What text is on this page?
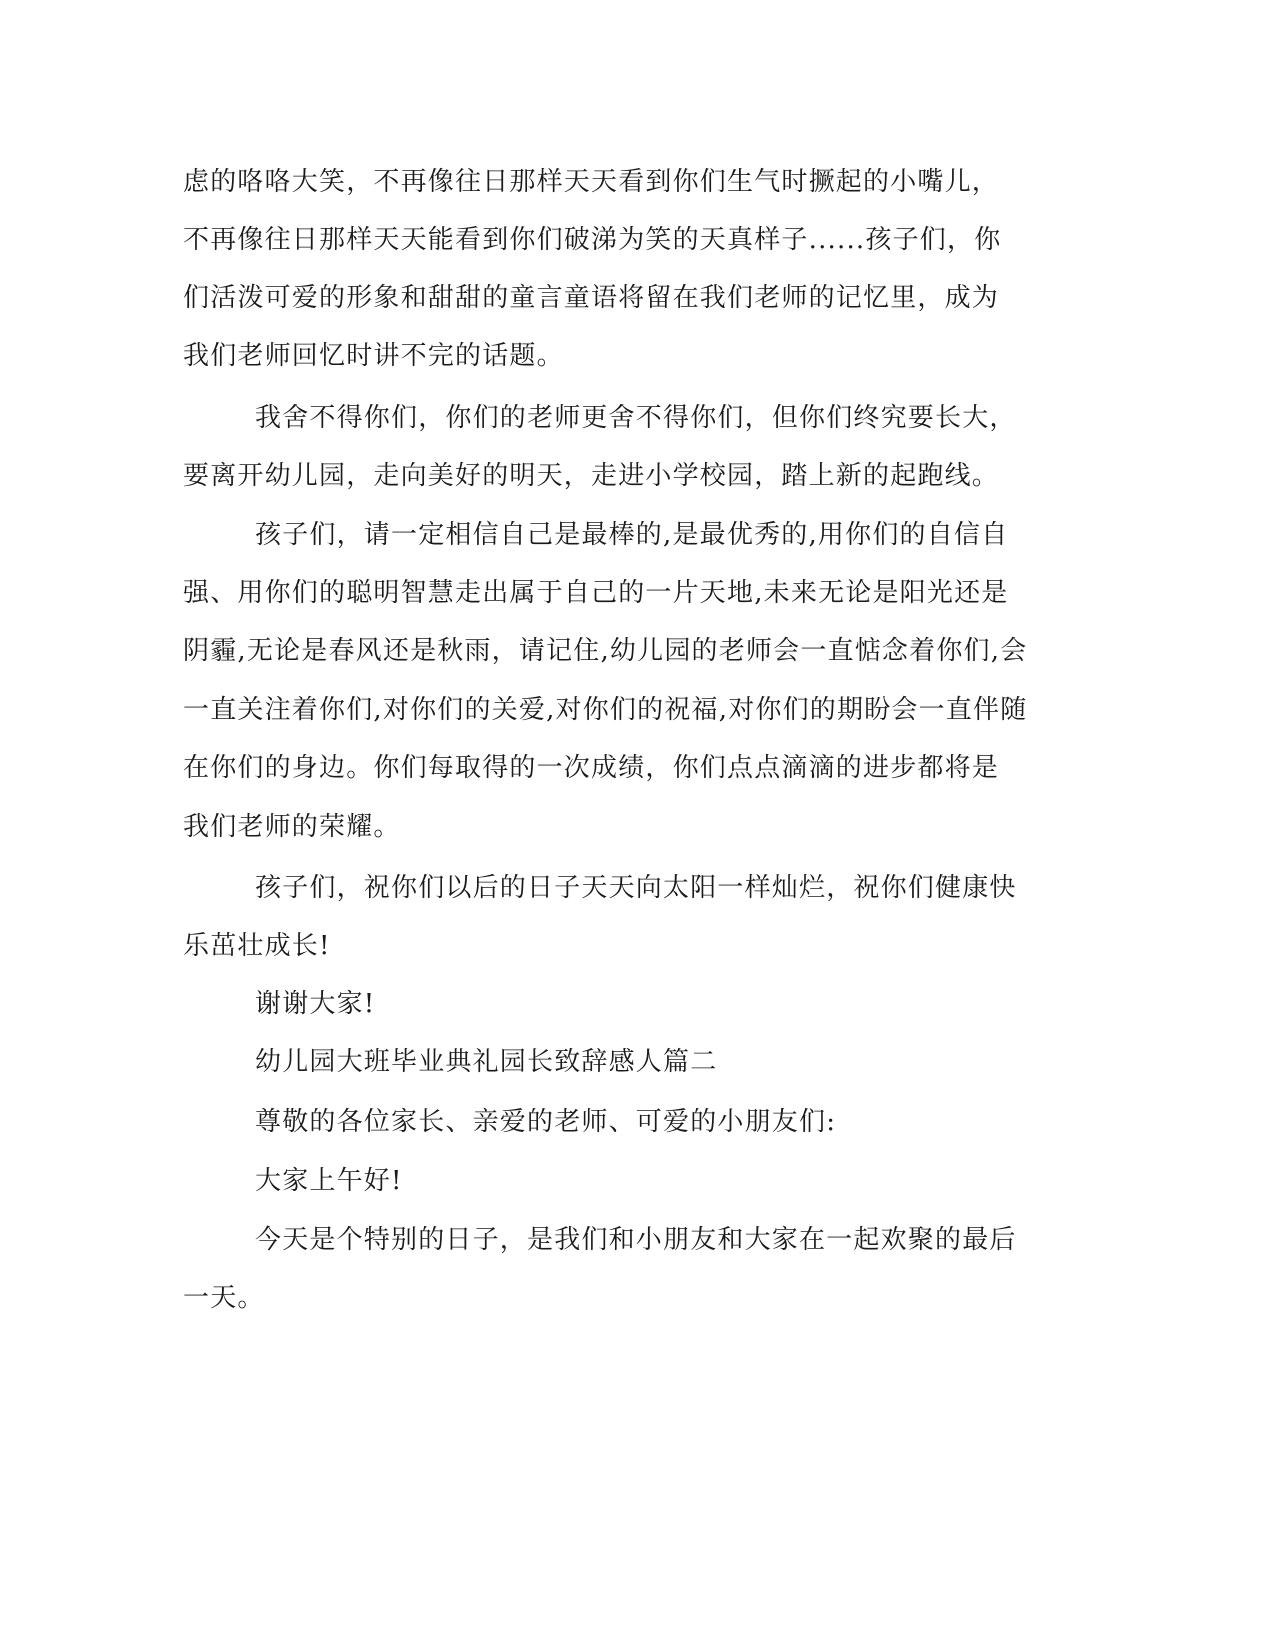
虑的咯咯大笑，不再像往日那样天天看到你们生气时撅起的小嘴儿，

不再像往日那样天天能看到你们破涕为笑的天真样子......孩子们，你

们活泼可爱的形象和甜甜的童言童语将留在我们老师的记忆里，成为

我们老师回忆时讲不完的话题。

我舍不得你们，你们的老师更舍不得你们，但你们终究要长大，

要离开幼儿园，走向美好的明天，走进小学校园，踏上新的起跑线。

孩子们，请一定相信自己是最棒的,是最优秀的,用你们的自信自

强、用你们的聪明智慧走出属于自己的一片天地,未来无论是阳光还是

阴霾,无论是春风还是秋雨，请记住,幼儿园的老师会一直惦念着你们,会

一直关注着你们,对你们的关爱,对你们的祝福,对你们的期盼会一直伴随

在你们的身边。你们每取得的一次成绩，你们点点滴滴的进步都将是

我们老师的荣耀。

孩子们，祝你们以后的日子天天向太阳一样灿烂，祝你们健康快

乐茁壮成长!

谢谢大家!

幼儿园大班毕业典礼园长致辞感人篇二

尊敬的各位家长、亲爱的老师、可爱的小朋友们:

大家上午好!

今天是个特别的日子，是我们和小朋友和大家在一起欢聚的最后

一天。
